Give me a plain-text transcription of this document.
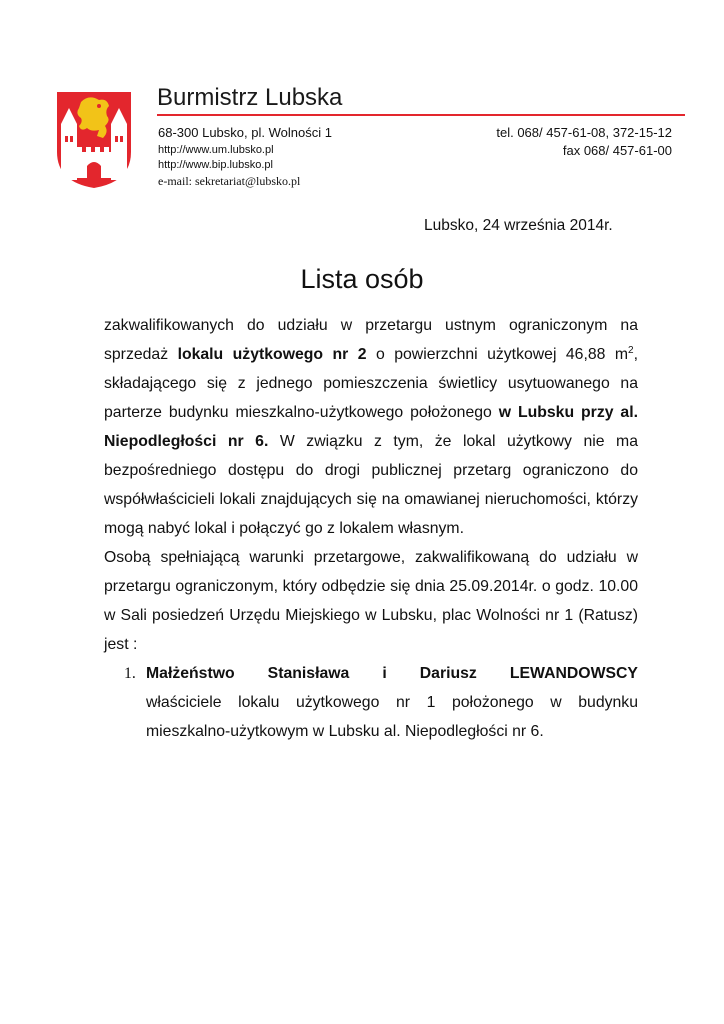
Burmistrz Lubska
68-300 Lubsko, pl. Wolności 1	tel. 068/ 457-61-08, 372-15-12
fax 068/ 457-61-00
http://www.um.lubsko.pl
http://www.bip.lubsko.pl
e-mail: sekretariat@lubsko.pl
Lubsko, 24 września 2014r.
Lista osób

zakwalifikowanych do udziału w przetargu ustnym ograniczonym na sprzedaż lokalu użytkowego nr 2 o powierzchni użytkowej 46,88 $m^2$, składającego się z jednego pomieszczenia świetlicy usytuowanego na parterze budynku mieszkalno-użytkowego położonego w Lubsku przy al. Niepodległości nr 6. W związku z tym, że lokal użytkowy nie ma bezpośredniego dostępu do drogi publicznej przetarg ograniczono do współwłaścicieli lokali znajdujących się na omawianej nieruchomości, którzy mogą nabyć lokal i połączyć go z lokalem własnym.

Osobą spełniającą warunki przetargowe, zakwalifikowaną do udziału w przetargu ograniczonym, który odbędzie się dnia 25.09.2014r. o godz. 10.00 w Sali posiedzeń Urzędu Miejskiego w Lubsku, plac Wolności nr 1 (Ratusz) jest :

1. Małżeństwo Stanisława i Dariusz LEWANDOWSCY
właściciele lokalu użytkowego nr 1 położonego w budynku mieszkalno-użytkowym w Lubsku al. Niepodległości nr 6.
